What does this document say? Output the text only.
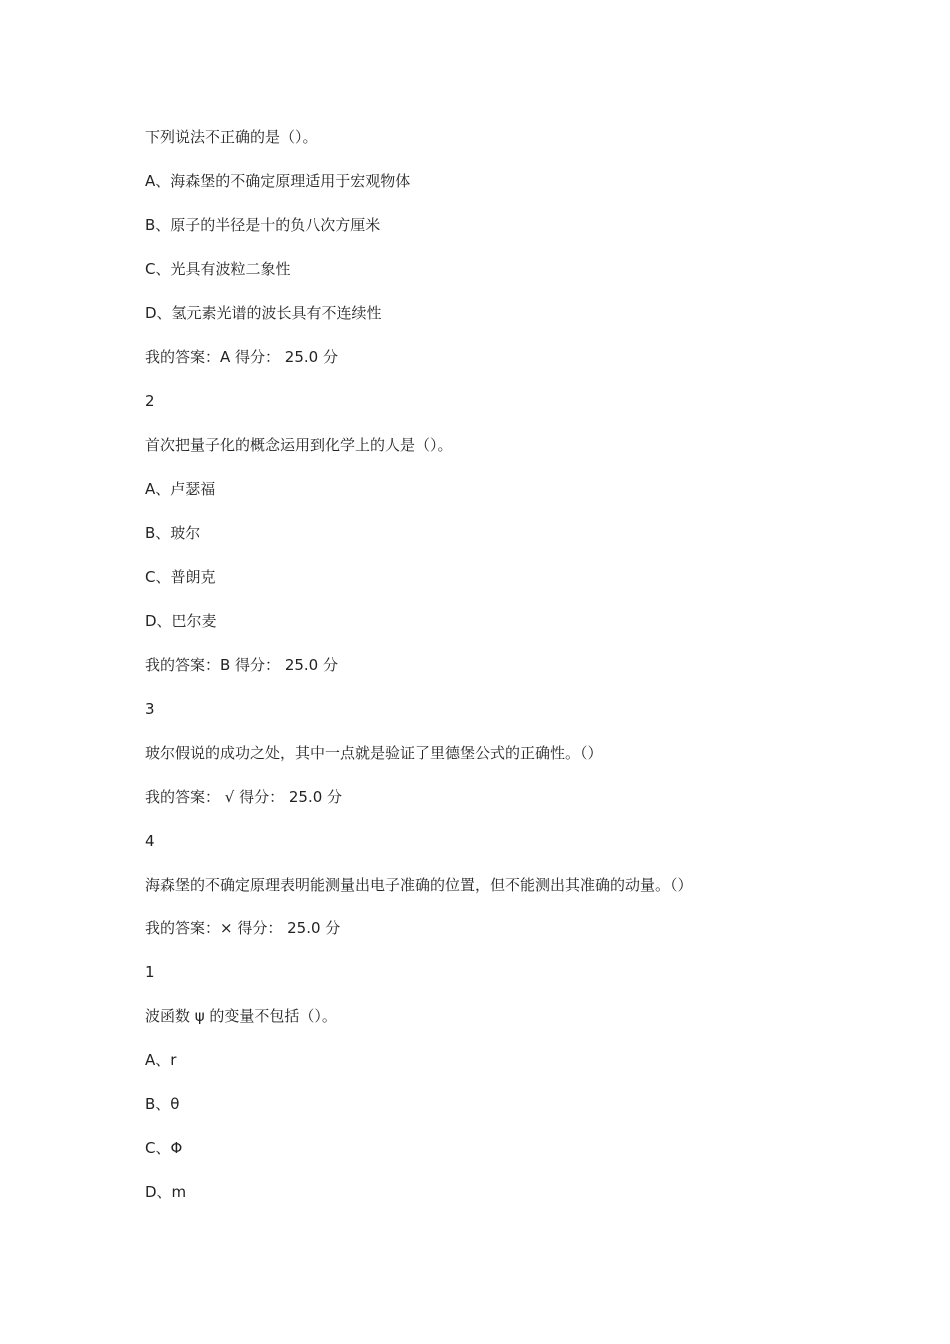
下列说法不正确的是（）。
A、海森堡的不确定原理适用于宏观物体
B、原子的半径是十的负八次方厘米
C、光具有波粒二象性
D、氢元素光谱的波长具有不连续性
我的答案：A 得分： 25.0 分
2
首次把量子化的概念运用到化学上的人是（）。
A、卢瑟福
B、玻尔
C、普朗克
D、巴尔麦
我的答案：B 得分： 25.0 分
3
玻尔假说的成功之处，其中一点就是验证了里德堡公式的正确性。（）
我的答案： √ 得分： 25.0 分
4
海森堡的不确定原理表明能测量出电子准确的位置，但不能测出其准确的动量。（）
我的答案：× 得分： 25.0 分
1
波函数 ψ 的变量不包括（）。
A、r
B、θ
C、Φ
D、m
